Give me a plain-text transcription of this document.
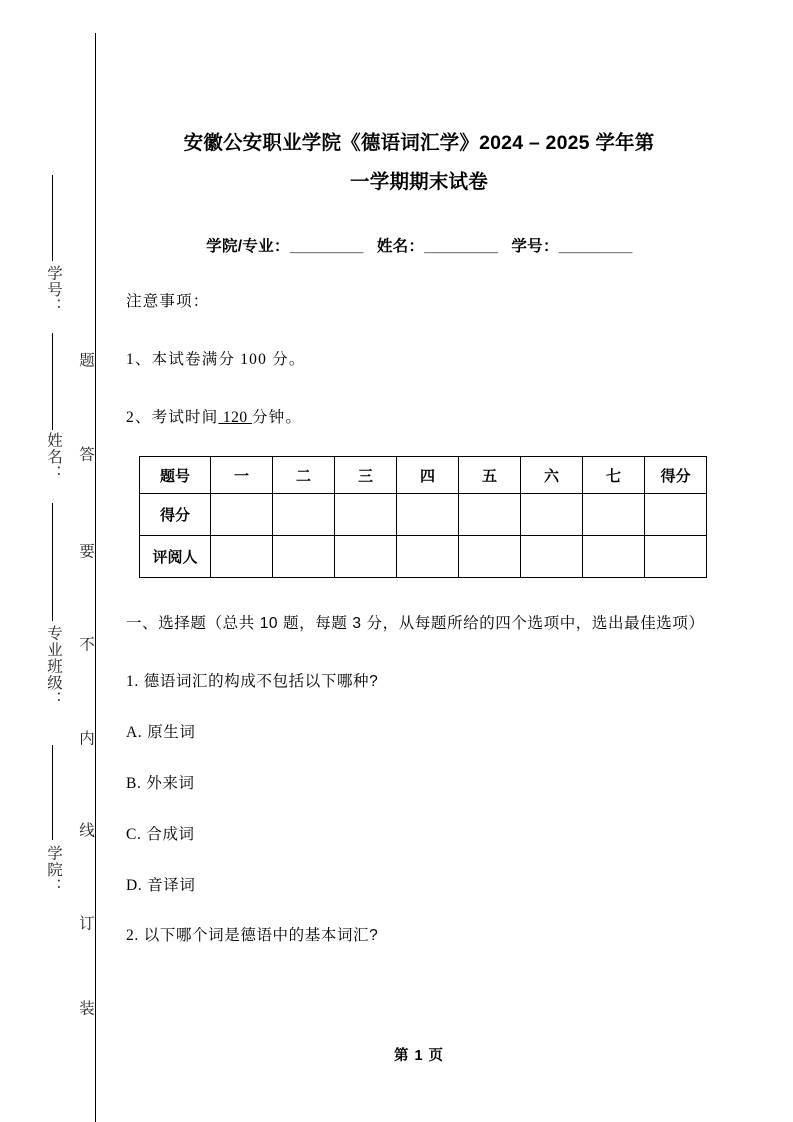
学号：
姓名：
专业班级：
学院：
题
答
要
不
内
线
订
装
安徽公安职业学院《德语词汇学》2024 – 2025 学年第
一学期期末试卷

学院/专业：_________ 姓名：_________ 学号：_________

注意事项：

1、本试卷满分 100 分。

2、考试时间 120 分钟。

题号	一	二	三	四	五	六	七	得分
得分								
评阅人								

一、选择题（总共 10 题，每题 3 分，从每题所给的四个选项中，选出最佳选项）

1. 德语词汇的构成不包括以下哪种?

A. 原生词

B. 外来词

C. 合成词

D. 音译词

2. 以下哪个词是德语中的基本词汇?

第 1 页
